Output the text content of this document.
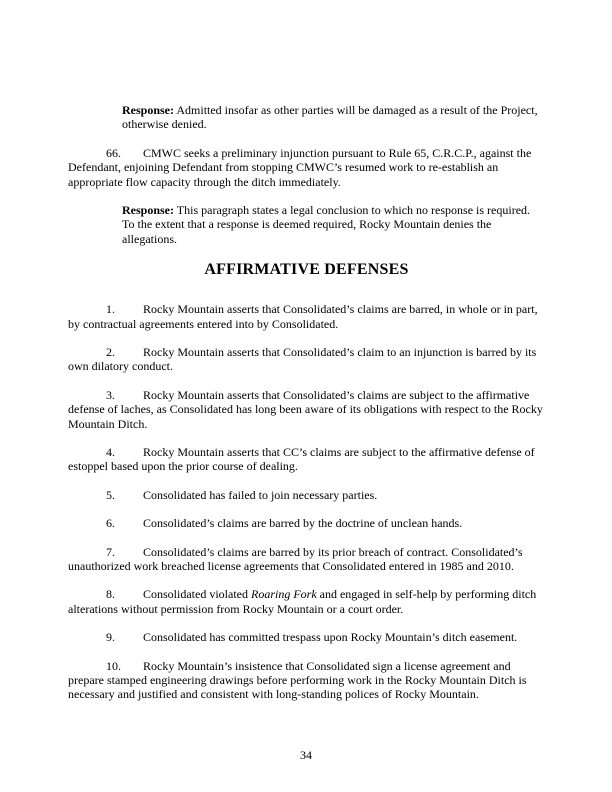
Response: Admitted insofar as other parties will be damaged as a result of the Project, otherwise denied.

66. CMWC seeks a preliminary injunction pursuant to Rule 65, C.R.C.P., against the Defendant, enjoining Defendant from stopping CMWC’s resumed work to re-establish an appropriate flow capacity through the ditch immediately.

Response: This paragraph states a legal conclusion to which no response is required. To the extent that a response is deemed required, Rocky Mountain denies the allegations.
AFFIRMATIVE DEFENSES

1. Rocky Mountain asserts that Consolidated’s claims are barred, in whole or in part, by contractual agreements entered into by Consolidated.

2. Rocky Mountain asserts that Consolidated’s claim to an injunction is barred by its own dilatory conduct.

3. Rocky Mountain asserts that Consolidated’s claims are subject to the affirmative defense of laches, as Consolidated has long been aware of its obligations with respect to the Rocky Mountain Ditch.

4. Rocky Mountain asserts that CC’s claims are subject to the affirmative defense of estoppel based upon the prior course of dealing.

5. Consolidated has failed to join necessary parties.

6. Consolidated’s claims are barred by the doctrine of unclean hands.

7. Consolidated’s claims are barred by its prior breach of contract. Consolidated’s unauthorized work breached license agreements that Consolidated entered in 1985 and 2010.

8. Consolidated violated Roaring Fork and engaged in self-help by performing ditch alterations without permission from Rocky Mountain or a court order.

9. Consolidated has committed trespass upon Rocky Mountain’s ditch easement.

10. Rocky Mountain’s insistence that Consolidated sign a license agreement and prepare stamped engineering drawings before performing work in the Rocky Mountain Ditch is necessary and justified and consistent with long-standing polices of Rocky Mountain.

34
